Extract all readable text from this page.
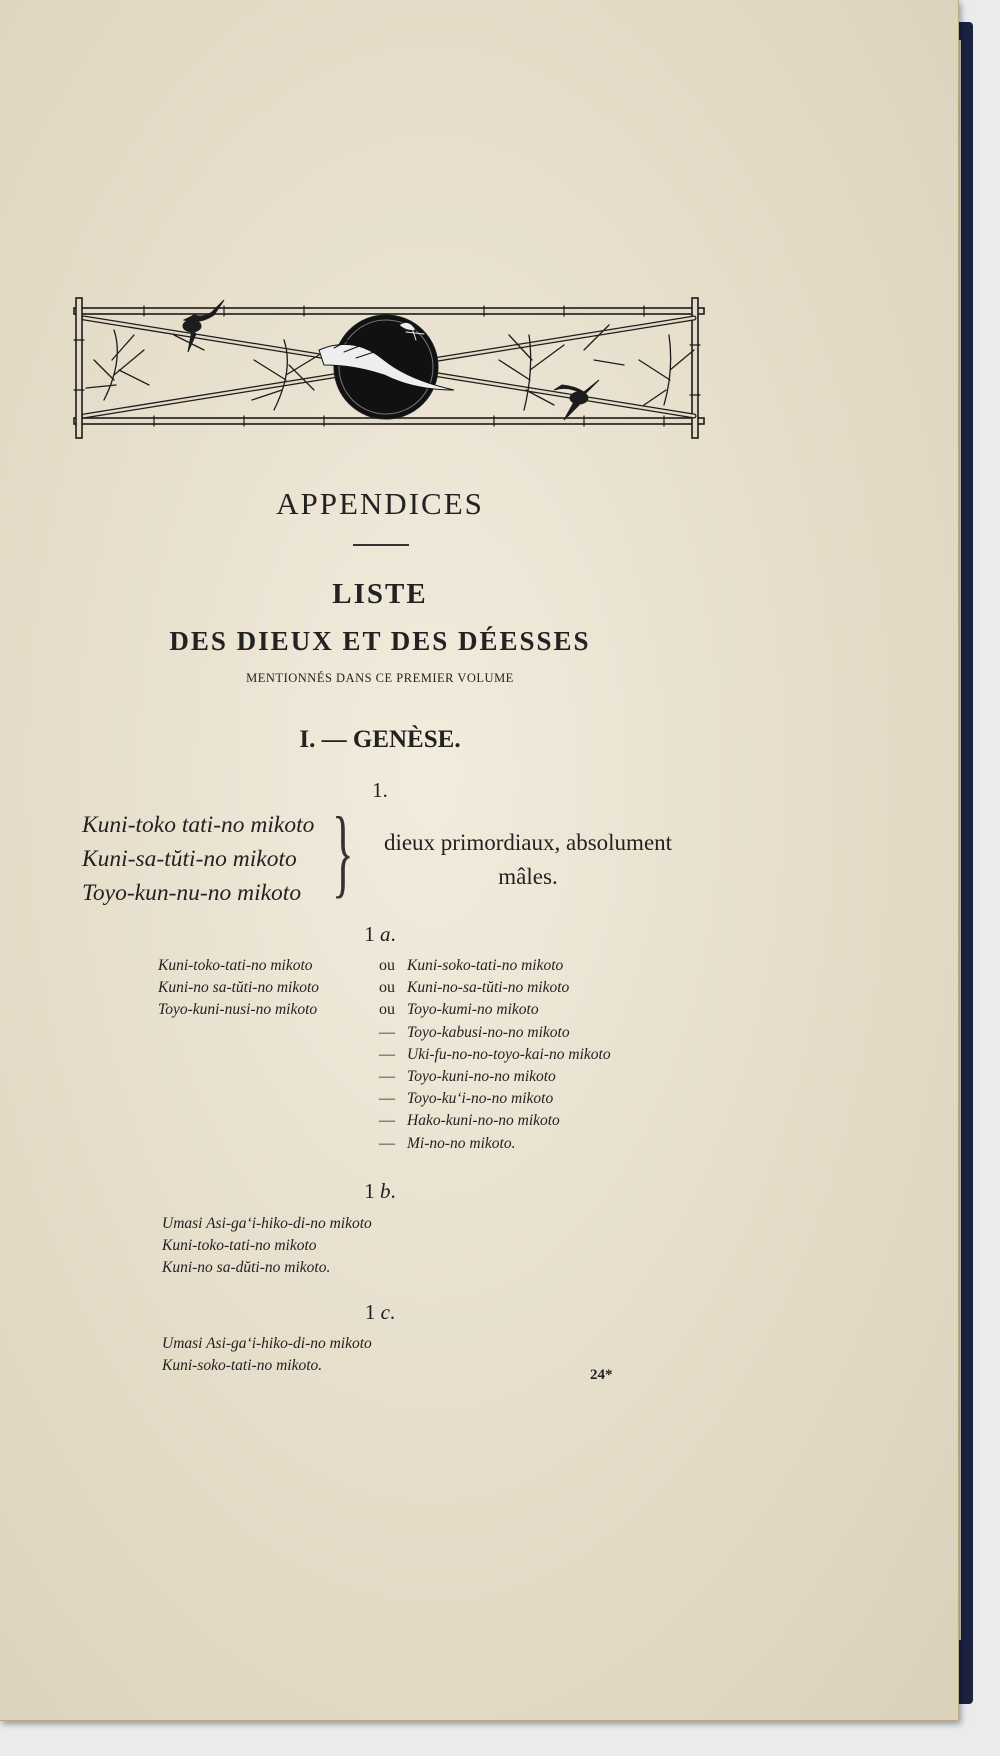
APPENDICES
LISTE
DES DIEUX ET DES DÉESSES

MENTIONNÉS DANS CE PREMIER VOLUME

I. — GENÈSE.

1.

Kuni-toko tati-no mikoto
Kuni-sa-tŭti-no mikoto
Toyo-kun-nu-no mikoto }	dieux primordiaux, absolument
mâles.

1 a.

Kuni-toko-tati-no mikoto
Kuni-no sa-tŭti-no mikoto
Toyo-kuni-nusi-no mikoto
ou
ou
ou
—
—
—
—
—
—
Kuni-soko-tati-no mikoto
Kuni-no-sa-tŭti-no mikoto
Toyo-kumi-no mikoto
Toyo-kabusi-no-no mikoto
Uki-fu-no-no-toyo-kai-no mikoto
Toyo-kuni-no-no mikoto
Toyo-ku‘i-no-no mikoto
Hako-kuni-no-no mikoto
Mi-no-no mikoto.

1 b.

Umasi Asi-ga‘i-hiko-di-no mikoto
Kuni-toko-tati-no mikoto
Kuni-no sa-dŭti-no mikoto.

1 c.

Umasi Asi-ga‘i-hiko-di-no mikoto
Kuni-soko-tati-no mikoto.

24*
